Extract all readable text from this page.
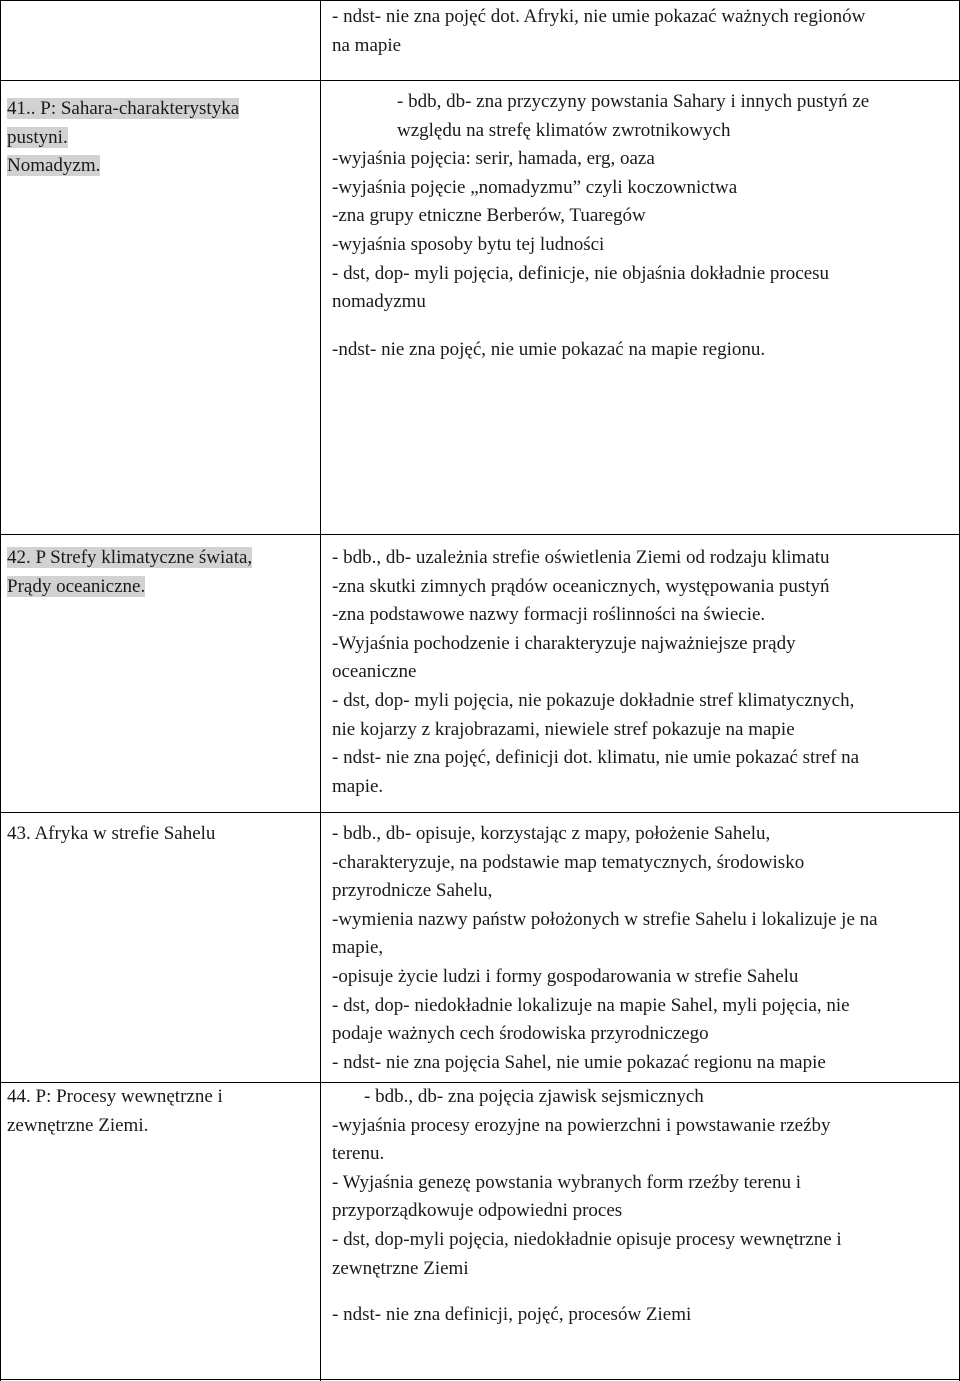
- ndst- nie zna pojęć dot. Afryki, nie umie pokazać ważnych regionów
na mapie
41.. P: Sahara-charakterystyka
pustyni.
Nomadyzm.
- bdb, db- zna przyczyny powstania Sahary i innych pustyń ze
względu na strefę klimatów zwrotnikowych
-wyjaśnia pojęcia: serir, hamada, erg, oaza
-wyjaśnia pojęcie „nomadyzmu” czyli koczownictwa
-zna grupy etniczne Berberów, Tuaregów
-wyjaśnia sposoby bytu tej ludności
- dst, dop- myli pojęcia, definicje, nie objaśnia dokładnie procesu
nomadyzmu
-ndst- nie zna pojęć, nie umie pokazać na mapie regionu.
42. P Strefy klimatyczne świata,
Prądy oceaniczne.
- bdb., db- uzależnia strefie oświetlenia Ziemi od rodzaju klimatu
-zna skutki zimnych prądów oceanicznych, występowania pustyń
-zna podstawowe nazwy formacji roślinności na świecie.
-Wyjaśnia pochodzenie i charakteryzuje najważniejsze prądy
oceaniczne
- dst, dop- myli pojęcia, nie pokazuje dokładnie stref klimatycznych,
nie kojarzy z krajobrazami, niewiele stref pokazuje na mapie
- ndst- nie zna pojęć, definicji dot. klimatu, nie umie pokazać stref na
mapie.
43. Afryka w strefie Sahelu	- bdb., db- opisuje, korzystając z mapy, położenie Sahelu,
-charakteryzuje, na podstawie map tematycznych, środowisko
przyrodnicze Sahelu,
-wymienia nazwy państw położonych w strefie Sahelu i lokalizuje je na
mapie,
-opisuje życie ludzi i formy gospodarowania w strefie Sahelu
- dst, dop- niedokładnie lokalizuje na mapie Sahel, myli pojęcia, nie
podaje ważnych cech środowiska przyrodniczego
- ndst- nie zna pojęcia Sahel, nie umie pokazać regionu na mapie
44. P: Procesy wewnętrzne i
zewnętrzne Ziemi.
- bdb., db- zna pojęcia zjawisk sejsmicznych
-wyjaśnia procesy erozyjne na powierzchni i powstawanie rzeźby
terenu.
- Wyjaśnia genezę powstania wybranych form rzeźby terenu i
przyporządkowuje odpowiedni proces
- dst, dop-myli pojęcia, niedokładnie opisuje procesy wewnętrzne i
zewnętrzne Ziemi
- ndst- nie zna definicji, pojęć, procesów Ziemi
